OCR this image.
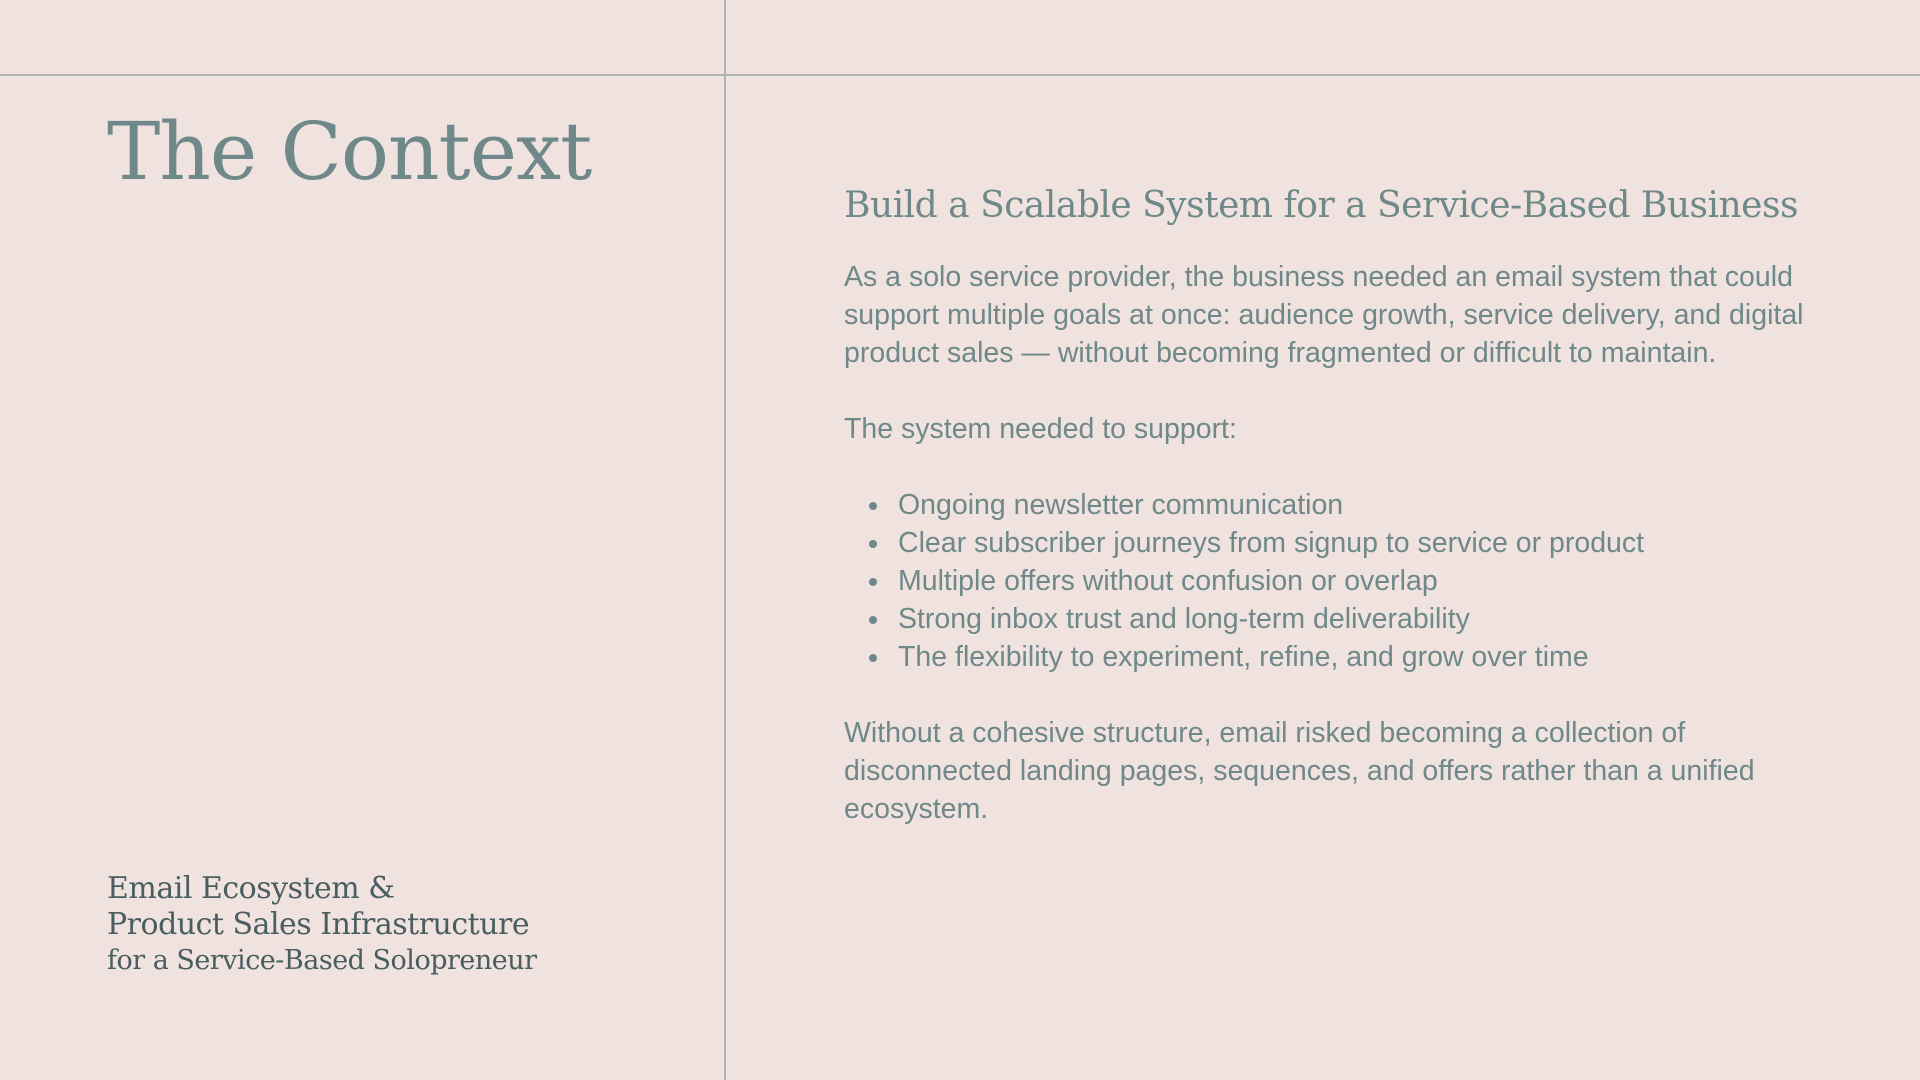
The Context
Email Ecosystem &
Product Sales Infrastructure
for a Service-Based Solopreneur
Build a Scalable System for a Service-Based Business

As a solo service provider, the business needed an email system that could support multiple goals at once: audience growth, service delivery, and digital product sales — without becoming fragmented or difficult to maintain.

The system needed to support:

Ongoing newsletter communication
Clear subscriber journeys from signup to service or product
Multiple offers without confusion or overlap
Strong inbox trust and long-term deliverability
The flexibility to experiment, refine, and grow over time

Without a cohesive structure, email risked becoming a collection of disconnected landing pages, sequences, and offers rather than a unified ecosystem.
